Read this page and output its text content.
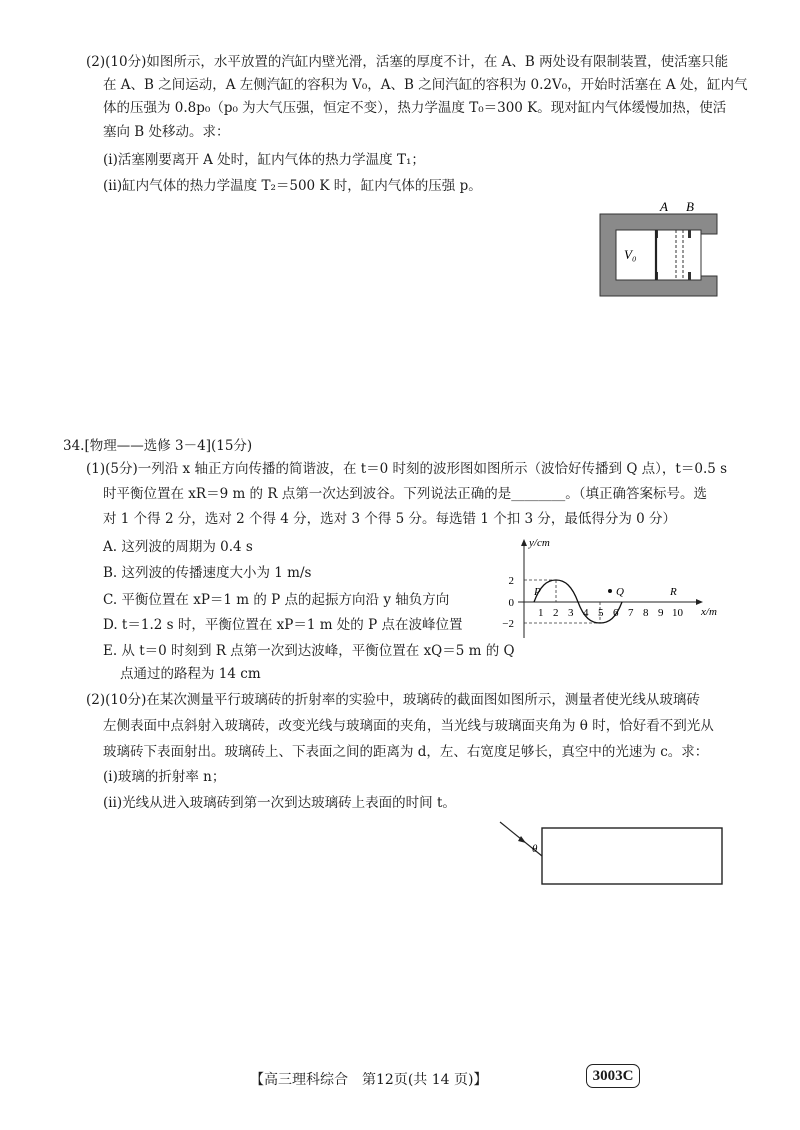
(2)(10分)如图所示，水平放置的汽缸内壁光滑，活塞的厚度不计，在 A、B 两处设有限制装置，使活塞只能
在 A、B 之间运动，A 左侧汽缸的容积为 V₀，A、B 之间汽缸的容积为 0.2V₀，开始时活塞在 A 处，缸内气
体的压强为 0.8p₀（p₀ 为大气压强，恒定不变），热力学温度 T₀＝300 K。现对缸内气体缓慢加热，使活
塞向 B 处移动。求：
(ⅰ)活塞刚要离开 A 处时，缸内气体的热力学温度 T₁；
(ⅱ)缸内气体的热力学温度 T₂＝500 K 时，缸内气体的压强 p。
A B
V₀
34.[物理——选修 3－4](15分)
(1)(5分)一列沿 x 轴正方向传播的简谐波，在 t＝0 时刻的波形图如图所示（波恰好传播到 Q 点），t＝0.5 s
时平衡位置在 xR＝9 m 的 R 点第一次达到波谷。下列说法正确的是________。（填正确答案标号。选
对 1 个得 2 分，选对 2 个得 4 分，选对 3 个得 5 分。每选错 1 个扣 3 分，最低得分为 0 分）
A. 这列波的周期为 0.4 s
B. 这列波的传播速度大小为 1 m/s
C. 平衡位置在 xP＝1 m 的 P 点的起振方向沿 y 轴负方向
D. t＝1.2 s 时，平衡位置在 xP＝1 m 处的 P 点在波峰位置
E. 从 t＝0 时刻到 R 点第一次到达波峰，平衡位置在 xQ＝5 m 的 Q
点通过的路程为 14 cm
y/cm
2
0
−2
x/m
P	Q	R
1 2 3 4 5 6 7 8 9 10
(2)(10分)在某次测量平行玻璃砖的折射率的实验中，玻璃砖的截面图如图所示，测量者使光线从玻璃砖
左侧表面中点斜射入玻璃砖，改变光线与玻璃面的夹角，当光线与玻璃面夹角为 θ 时，恰好看不到光从
玻璃砖下表面射出。玻璃砖上、下表面之间的距离为 d，左、右宽度足够长，真空中的光速为 c。求：
(ⅰ)玻璃的折射率 n；
(ⅱ)光线从进入玻璃砖到第一次到达玻璃砖上表面的时间 t。
θ
【高三理科综合　第12页(共 14 页)】	3003C
